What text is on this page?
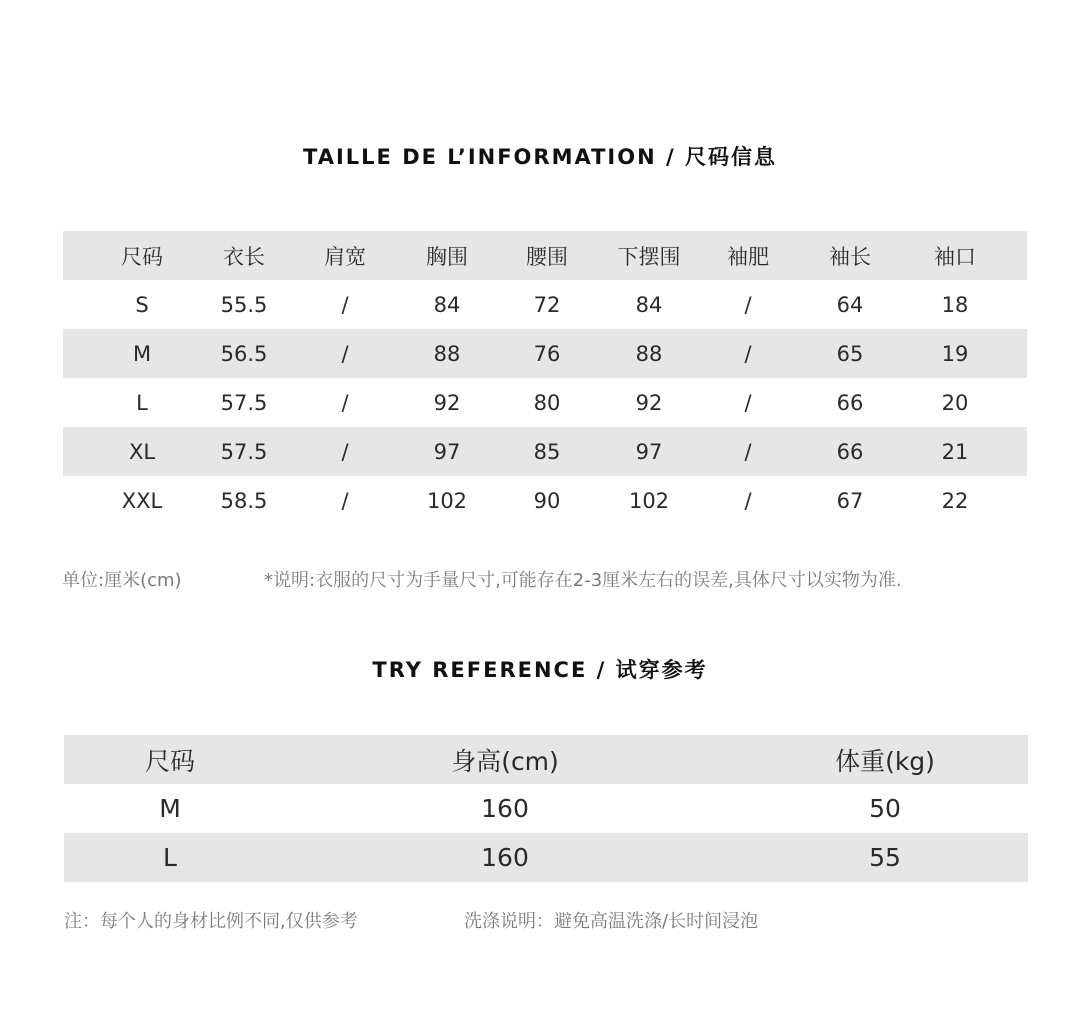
TAILLE DE L’INFORMATION / 尺码信息
尺码	衣长	肩宽	胸围	腰围	下摆围	袖肥	袖长	袖口
S	55.5	/	84	72	84	/	64	18
M	56.5	/	88	76	88	/	65	19
L	57.5	/	92	80	92	/	66	20
XL	57.5	/	97	85	97	/	66	21
XXL	58.5	/	102	90	102	/	67	22
单位:厘米(cm)	*说明:衣服的尺寸为手量尺寸,可能存在2-3厘米左右的误差,具体尺寸以实物为准.
TRY REFERENCE / 试穿参考
尺码	身高(cm)	体重(kg)
M	160	50
L	160	55
注：每个人的身材比例不同,仅供参考	洗涤说明：避免高温洗涤/长时间浸泡
